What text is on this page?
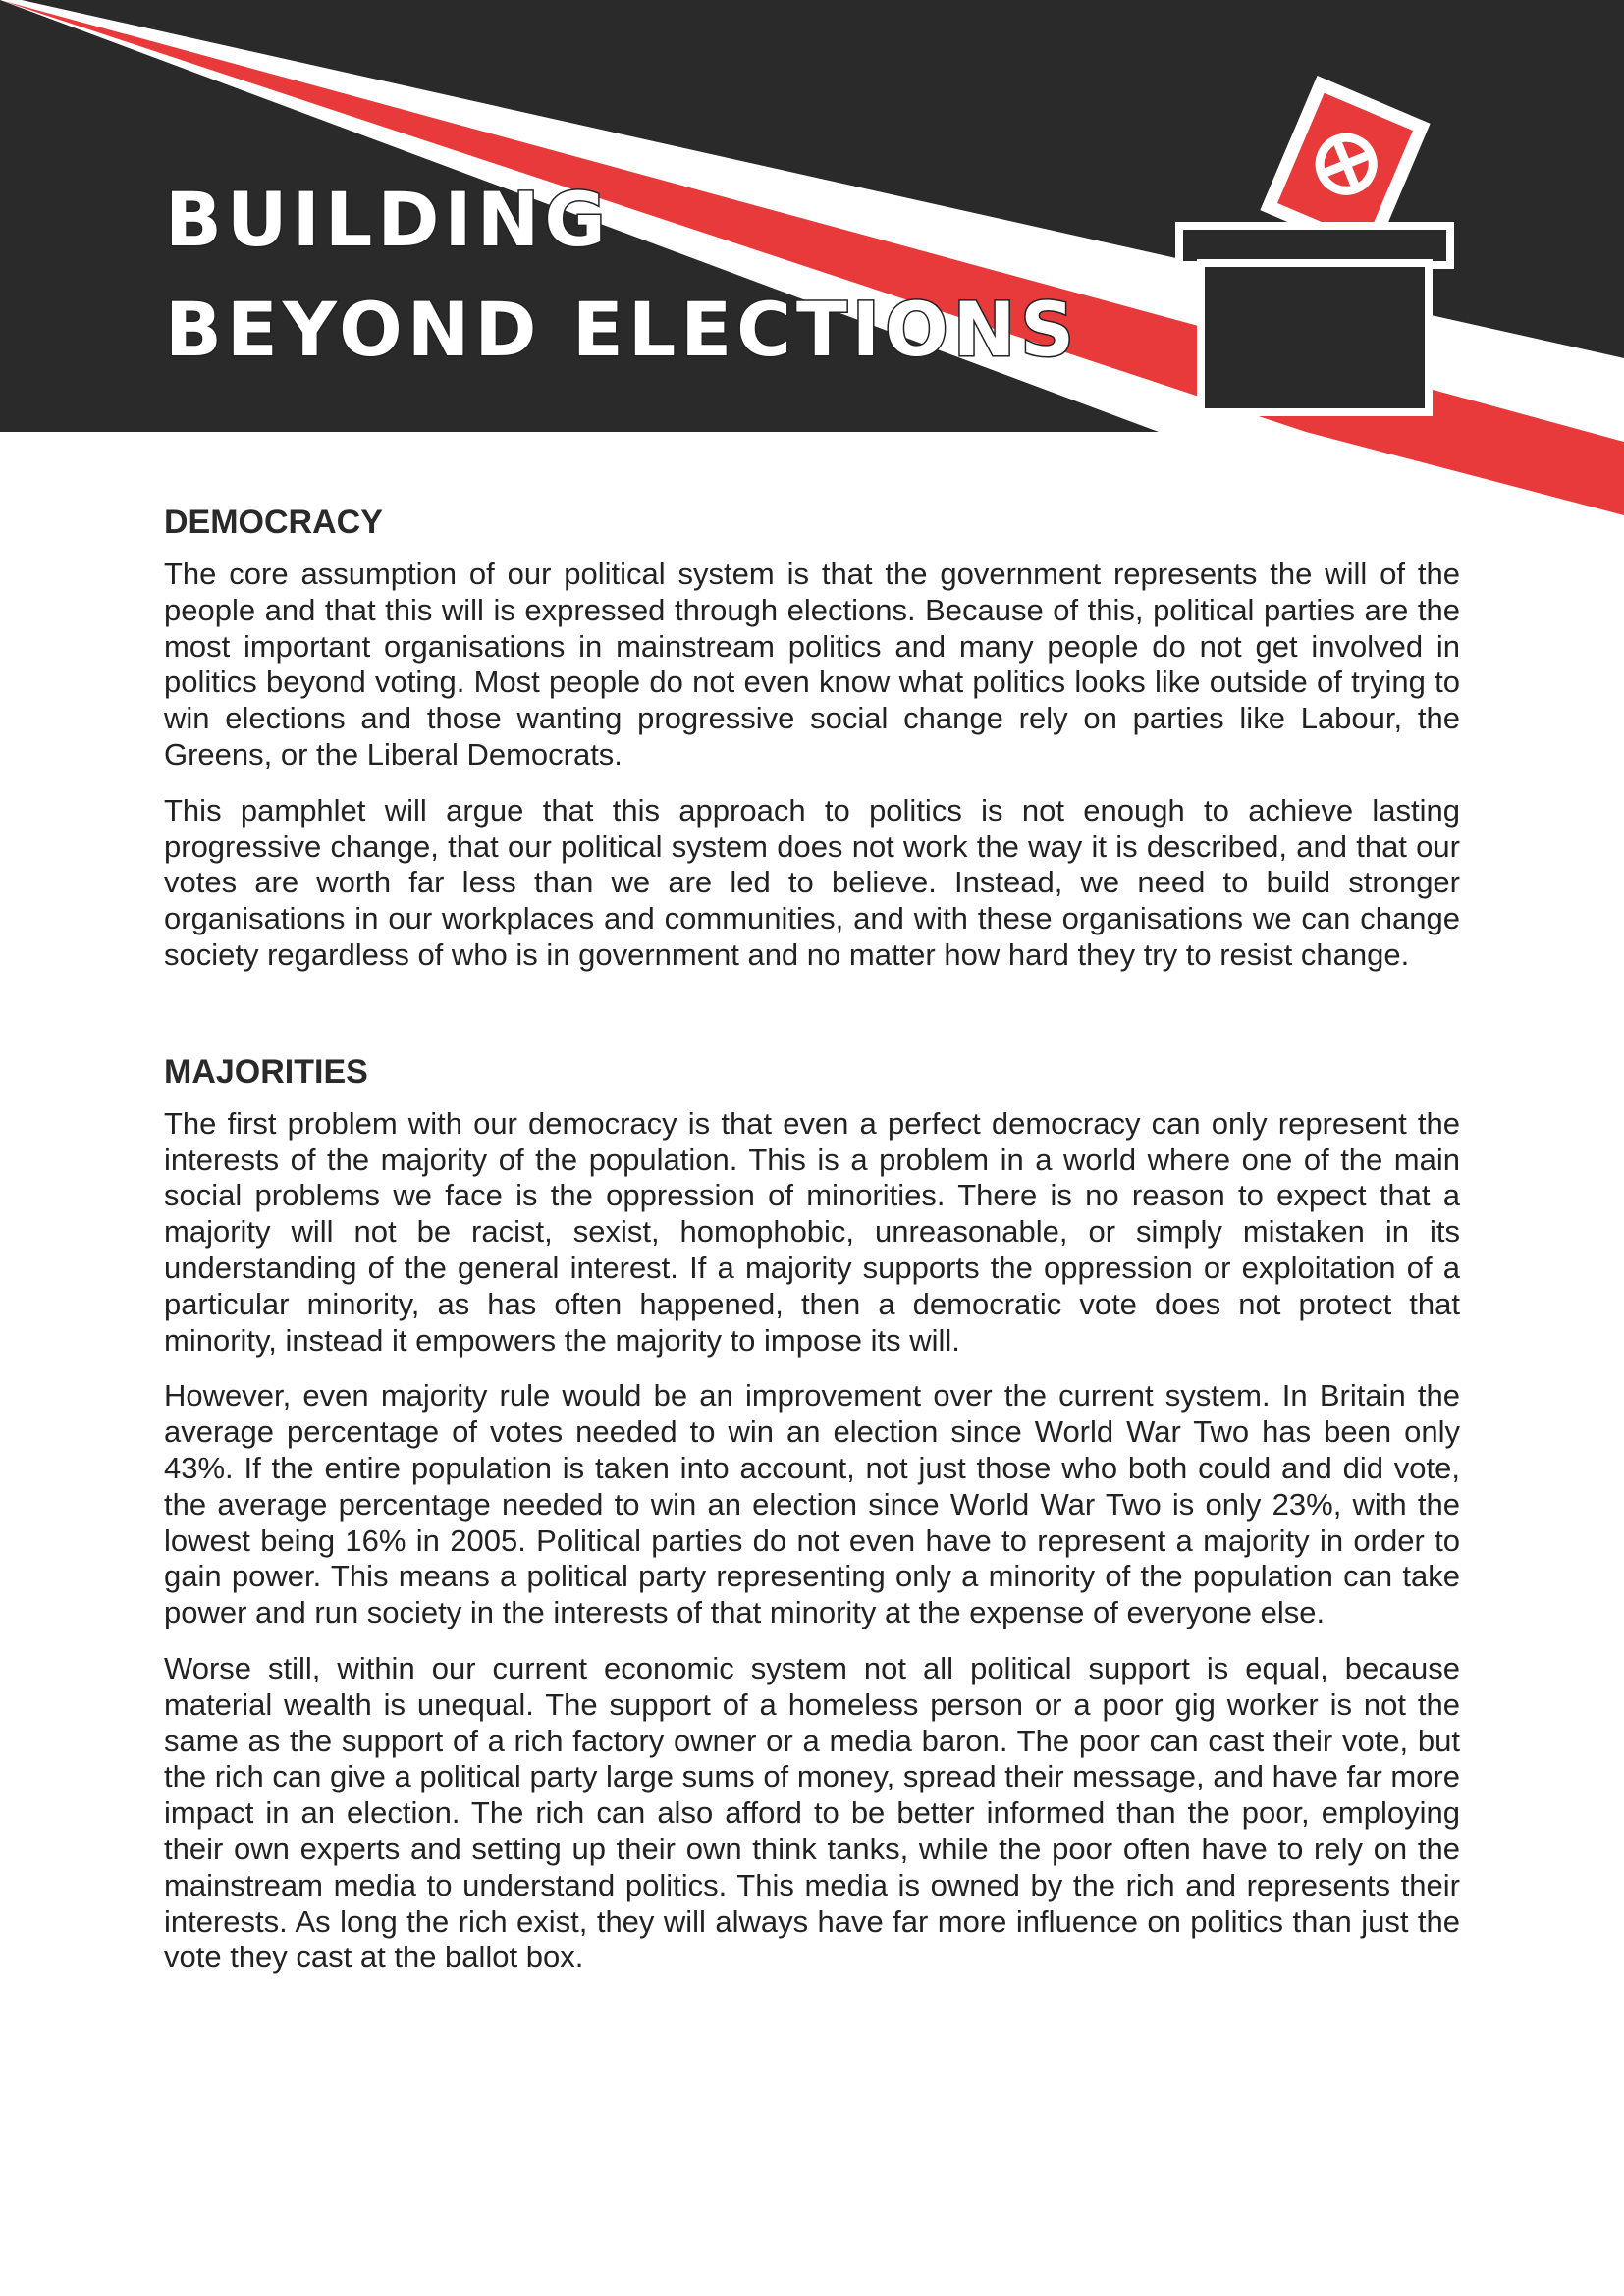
BUILDING
BEYOND ELECTIONS
DEMOCRACY

The core assumption of our political system is that the government represents the will of the people and that this will is expressed through elections. Because of this, political parties are the most important organisations in mainstream politics and many people do not get involved in politics beyond voting. Most people do not even know what politics looks like outside of trying to win elections and those wanting progressive social change rely on parties like Labour, the Greens, or the Liberal Democrats.

This pamphlet will argue that this approach to politics is not enough to achieve lasting progressive change, that our political system does not work the way it is described, and that our votes are worth far less than we are led to believe. Instead, we need to build stronger organisations in our workplaces and communities, and with these organisations we can change society regardless of who is in government and no matter how hard they try to resist change.

MAJORITIES

The first problem with our democracy is that even a perfect democracy can only represent the interests of the majority of the population. This is a problem in a world where one of the main social problems we face is the oppression of minorities. There is no reason to expect that a majority will not be racist, sexist, homophobic, unreasonable, or simply mistaken in its understanding of the general interest. If a majority supports the oppression or exploitation of a particular minority, as has often happened, then a democratic vote does not protect that minority, instead it empowers the majority to impose its will.

However, even majority rule would be an improvement over the current system. In Britain the average percentage of votes needed to win an election since World War Two has been only 43%. If the entire population is taken into account, not just those who both could and did vote, the average percentage needed to win an election since World War Two is only 23%, with the lowest being 16% in 2005. Political parties do not even have to represent a majority in order to gain power. This means a political party representing only a minority of the population can take power and run society in the interests of that minority at the expense of everyone else.

Worse still, within our current economic system not all political support is equal, because material wealth is unequal. The support of a homeless person or a poor gig worker is not the same as the support of a rich factory owner or a media baron. The poor can cast their vote, but the rich can give a political party large sums of money, spread their message, and have far more impact in an election. The rich can also afford to be better informed than the poor, employing their own experts and setting up their own think tanks, while the poor often have to rely on the mainstream media to understand politics. This media is owned by the rich and represents their interests. As long the rich exist, they will always have far more influence on politics than just the vote they cast at the ballot box.
